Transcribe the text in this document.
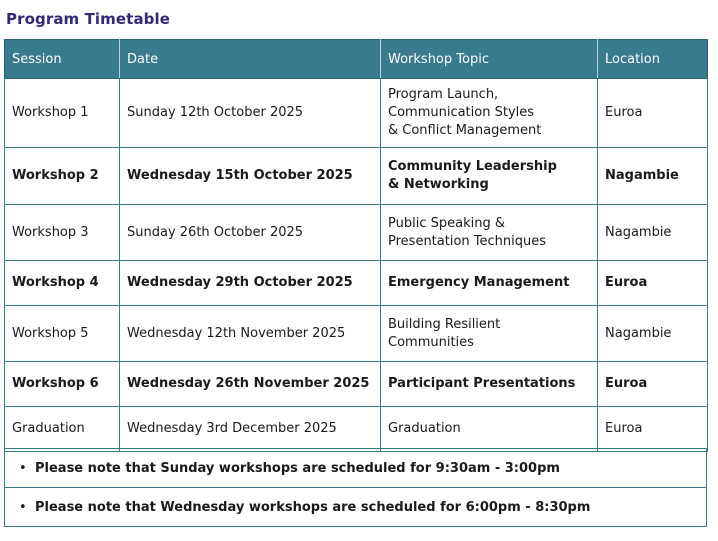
Program Timetable
Session	Date	Workshop Topic	Location
Workshop 1	Sunday 12th October 2025	Program Launch,
Communication Styles
& Conflict Management	Euroa
Workshop 2	Wednesday 15th October 2025	Community Leadership
& Networking	Nagambie
Workshop 3	Sunday 26th October 2025	Public Speaking &
Presentation Techniques	Nagambie
Workshop 4	Wednesday 29th October 2025	Emergency Management	Euroa
Workshop 5	Wednesday 12th November 2025	Building Resilient
Communities	Nagambie
Workshop 6	Wednesday 26th November 2025	Participant Presentations	Euroa
Graduation	Wednesday 3rd December 2025	Graduation	Euroa
• Please note that Sunday workshops are scheduled for 9:30am - 3:00pm
• Please note that Wednesday workshops are scheduled for 6:00pm - 8:30pm
